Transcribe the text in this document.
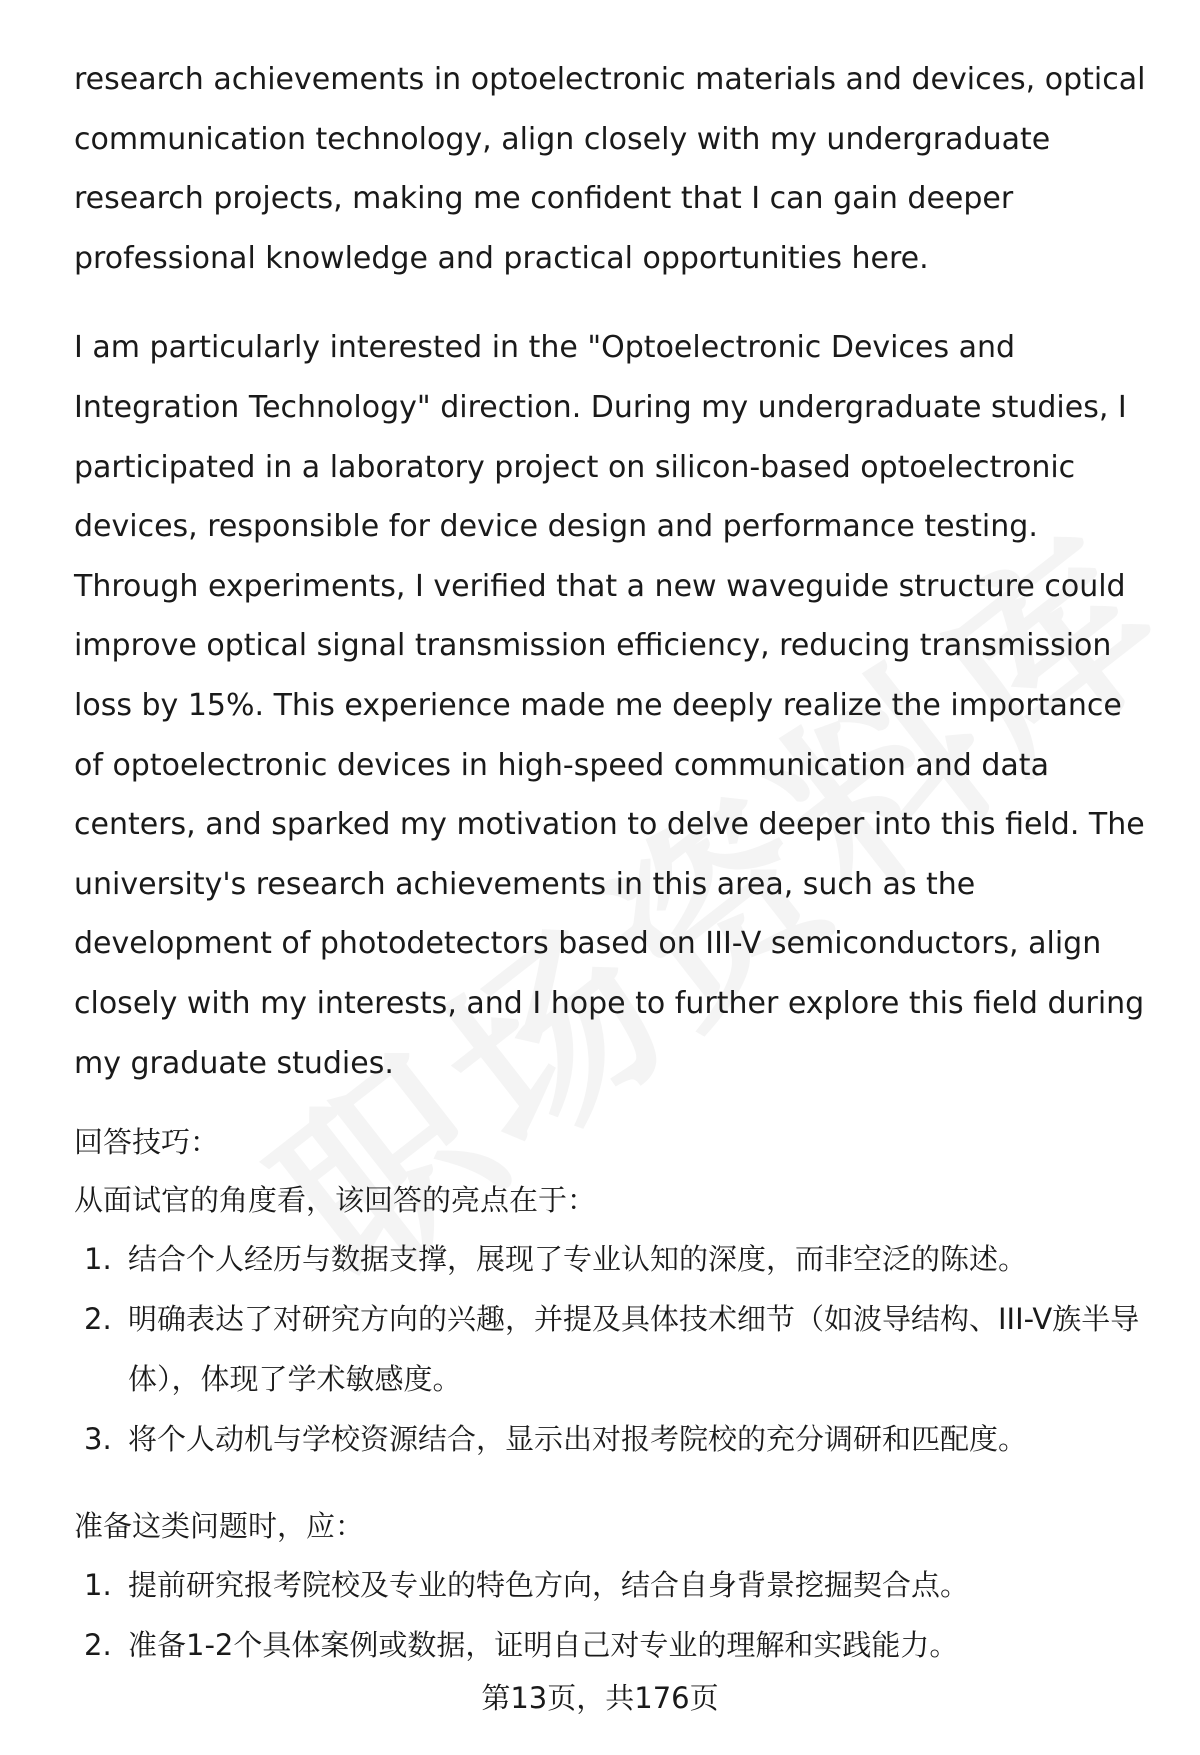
research achievements in optoelectronic materials and devices, optical communication technology, align closely with my undergraduate research projects, making me confident that I can gain deeper professional knowledge and practical opportunities here.

I am particularly interested in the "Optoelectronic Devices and Integration Technology" direction. During my undergraduate studies, I participated in a laboratory project on silicon-based optoelectronic devices, responsible for device design and performance testing. Through experiments, I verified that a new waveguide structure could improve optical signal transmission efficiency, reducing transmission loss by 15%. This experience made me deeply realize the importance of optoelectronic devices in high-speed communication and data centers, and sparked my motivation to delve deeper into this field. The university's research achievements in this area, such as the development of photodetectors based on III-V semiconductors, align closely with my interests, and I hope to further explore this field during my graduate studies.

回答技巧：

从面试官的角度看，该回答的亮点在于：

1. 结合个人经历与数据支撑，展现了专业认知的深度，而非空泛的陈述。
2. 明确表达了对研究方向的兴趣，并提及具体技术细节（如波导结构、III-V族半导体），体现了学术敏感度。
3. 将个人动机与学校资源结合，显示出对报考院校的充分调研和匹配度。

准备这类问题时，应：

1. 提前研究报考院校及专业的特色方向，结合自身背景挖掘契合点。
2. 准备1-2个具体案例或数据，证明自己对专业的理解和实践能力。
第13页，共176页
